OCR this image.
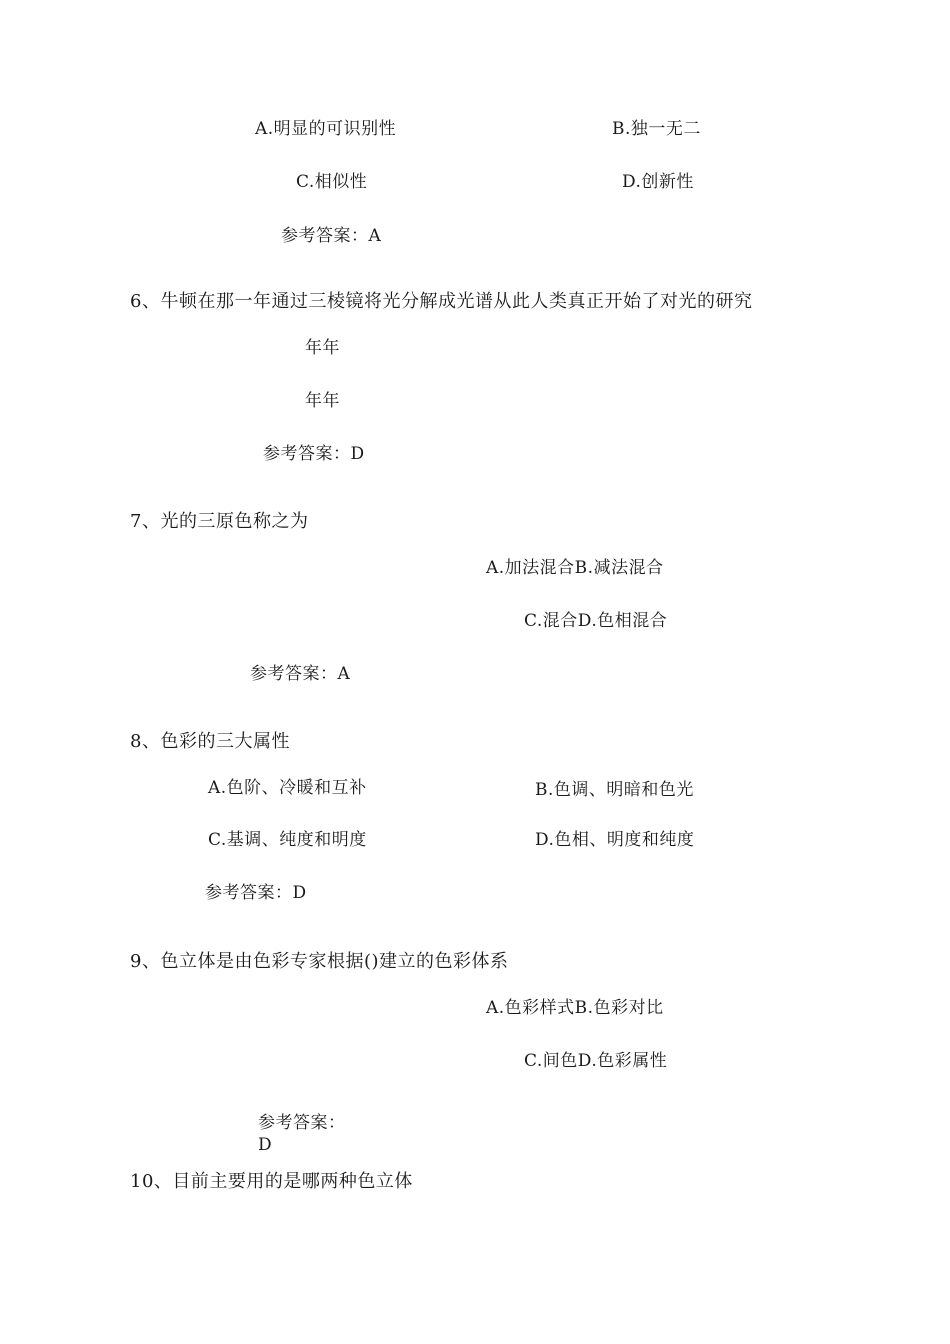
A.明显的可识别性	B.独一无二
C.相似性	D.创新性
参考答案：A
6、牛顿在那一年通过三棱镜将光分解成光谱从此人类真正开始了对光的研究
年年
年年
参考答案：D
7、光的三原色称之为
A.加法混合B.减法混合
C.混合D.色相混合
参考答案：A
8、色彩的三大属性
A.色阶、冷暖和互补	B.色调、明暗和色光
C.基调、纯度和明度	D.色相、明度和纯度
参考答案：D
9、色立体是由色彩专家根据()建立的色彩体系
A.色彩样式B.色彩对比
C.间色D.色彩属性
参考答案：
D
10、目前主要用的是哪两种色立体
